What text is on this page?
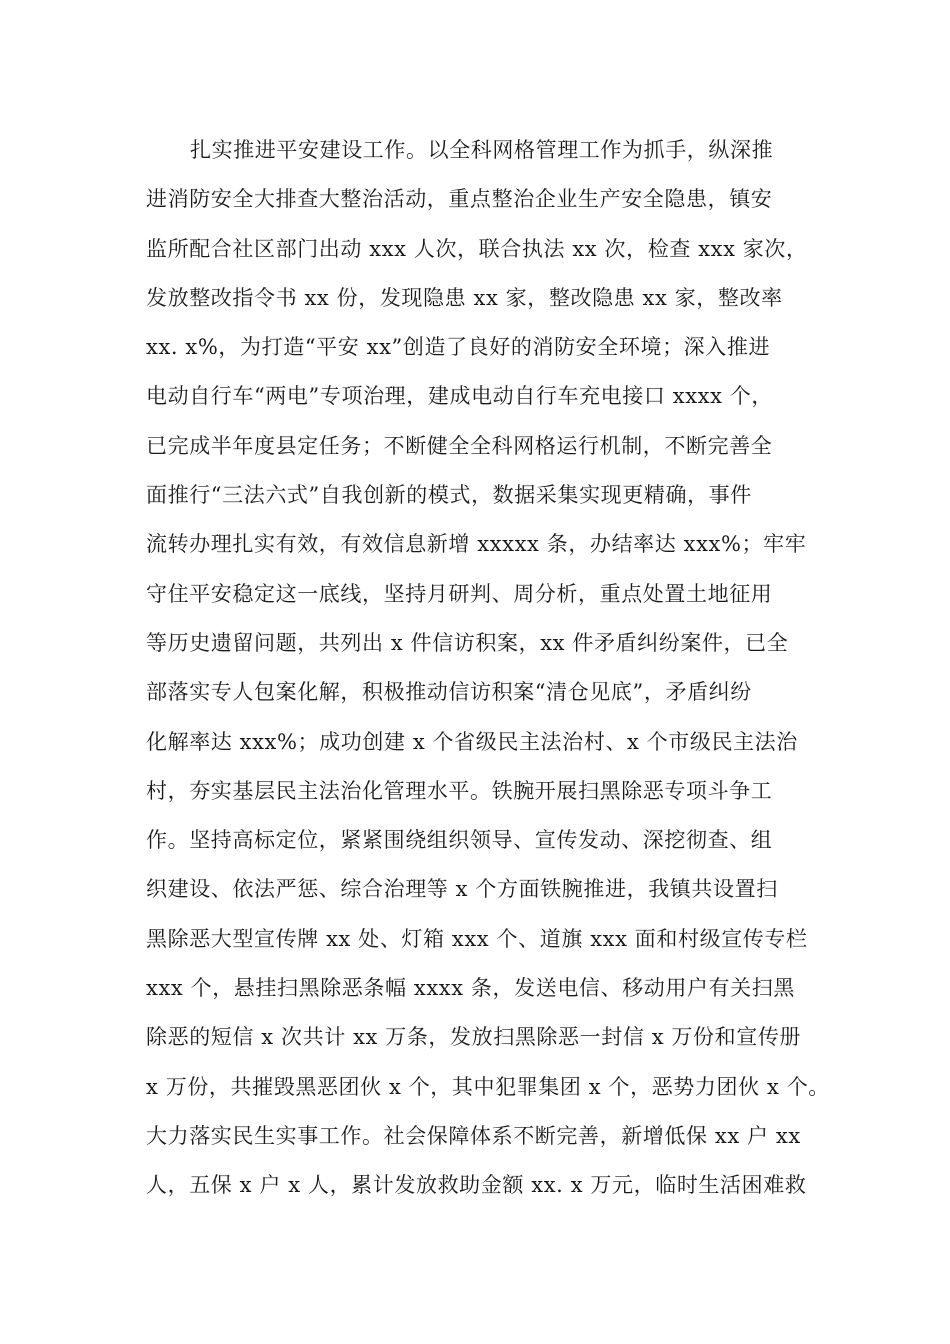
扎实推进平安建设工作。以全科网格管理工作为抓手，纵深推
进消防安全大排查大整治活动，重点整治企业生产安全隐患，镇安
监所配合社区部门出动 xxx 人次，联合执法 xx 次，检查 xxx 家次，
发放整改指令书 xx 份，发现隐患 xx 家，整改隐患 xx 家，整改率
xx. x%，为打造“平安 xx”创造了良好的消防安全环境；深入推进
电动自行车“两电”专项治理，建成电动自行车充电接口 xxxx 个，
已完成半年度县定任务；不断健全全科网格运行机制，不断完善全
面推行“三法六式”自我创新的模式，数据采集实现更精确，事件
流转办理扎实有效，有效信息新增 xxxxx 条，办结率达 xxx%；牢牢
守住平安稳定这一底线，坚持月研判、周分析，重点处置土地征用
等历史遗留问题，共列出 x 件信访积案，xx 件矛盾纠纷案件，已全
部落实专人包案化解，积极推动信访积案“清仓见底”，矛盾纠纷
化解率达 xxx%；成功创建 x 个省级民主法治村、x 个市级民主法治
村，夯实基层民主法治化管理水平。铁腕开展扫黑除恶专项斗争工
作。坚持高标定位，紧紧围绕组织领导、宣传发动、深挖彻查、组
织建设、依法严惩、综合治理等 x 个方面铁腕推进，我镇共设置扫
黑除恶大型宣传牌 xx 处、灯箱 xxx 个、道旗 xxx 面和村级宣传专栏
xxx 个，悬挂扫黑除恶条幅 xxxx 条，发送电信、移动用户有关扫黑
除恶的短信 x 次共计 xx 万条，发放扫黑除恶一封信 x 万份和宣传册
x 万份，共摧毁黑恶团伙 x 个，其中犯罪集团 x 个，恶势力团伙 x 个。
大力落实民生实事工作。社会保障体系不断完善，新增低保 xx 户 xx
人，五保 x 户 x 人，累计发放救助金额 xx. x 万元，临时生活困难救
